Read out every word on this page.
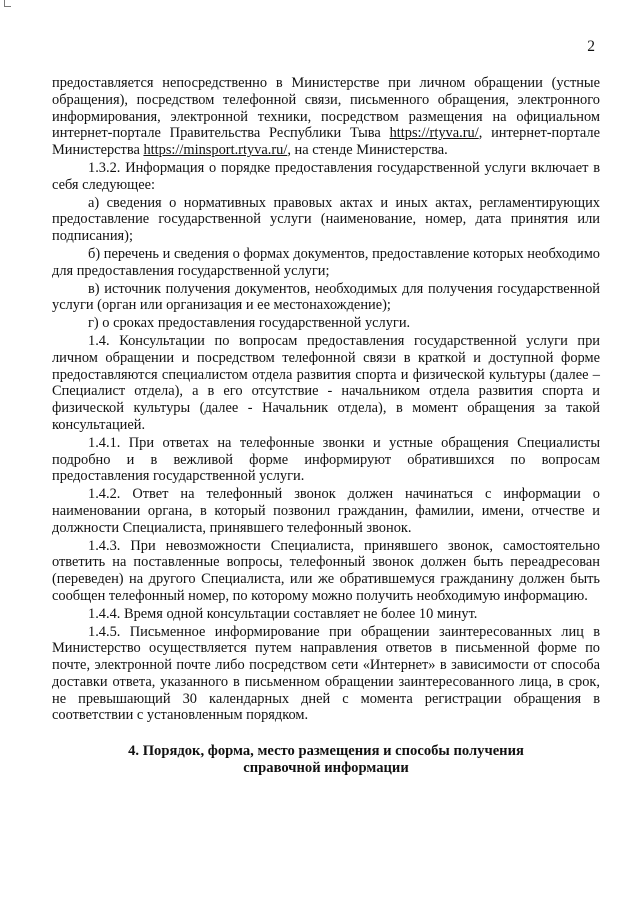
2

предоставляется непосредственно в Министерстве при личном обращении (устные обращения), посредством телефонной связи, письменного обращения, электронного информирования, электронной техники, посредством размещения на официальном интернет-портале Правительства Республики Тыва https://rtyva.ru/, интернет-портале Министерства https://minsport.rtyva.ru/, на стенде Министерства.

1.3.2. Информация о порядке предоставления государственной услуги включает в себя следующее:

а) сведения о нормативных правовых актах и иных актах, регламентирующих предоставление государственной услуги (наименование, номер, дата принятия или подписания);

б) перечень и сведения о формах документов, предоставление которых необходимо для предоставления государственной услуги;

в) источник получения документов, необходимых для получения государственной услуги (орган или организация и ее местонахождение);

г) о сроках предоставления государственной услуги.

1.4. Консультации по вопросам предоставления государственной услуги при личном обращении и посредством телефонной связи в краткой и доступной форме предоставляются специалистом отдела развития спорта и физической культуры (далее – Специалист отдела), а в его отсутствие - начальником отдела развития спорта и физической культуры (далее - Начальник отдела), в момент обращения за такой консультацией.

1.4.1. При ответах на телефонные звонки и устные обращения Специалисты подробно и в вежливой форме информируют обратившихся по вопросам предоставления государственной услуги.

1.4.2. Ответ на телефонный звонок должен начинаться с информации о наименовании органа, в который позвонил гражданин, фамилии, имени, отчестве и должности Специалиста, принявшего телефонный звонок.

1.4.3. При невозможности Специалиста, принявшего звонок, самостоятельно ответить на поставленные вопросы, телефонный звонок должен быть переадресован (переведен) на другого Специалиста, или же обратившемуся гражданину должен быть сообщен телефонный номер, по которому можно получить необходимую информацию.

1.4.4. Время одной консультации составляет не более 10 минут.

1.4.5. Письменное информирование при обращении заинтересованных лиц в Министерство осуществляется путем направления ответов в письменной форме по почте, электронной почте либо посредством сети «Интернет» в зависимости от способа доставки ответа, указанного в письменном обращении заинтересованного лица, в срок, не превышающий 30 календарных дней с момента регистрации обращения в соответствии с установленным порядком.

4. Порядок, форма, место размещения и способы получения
справочной информации
